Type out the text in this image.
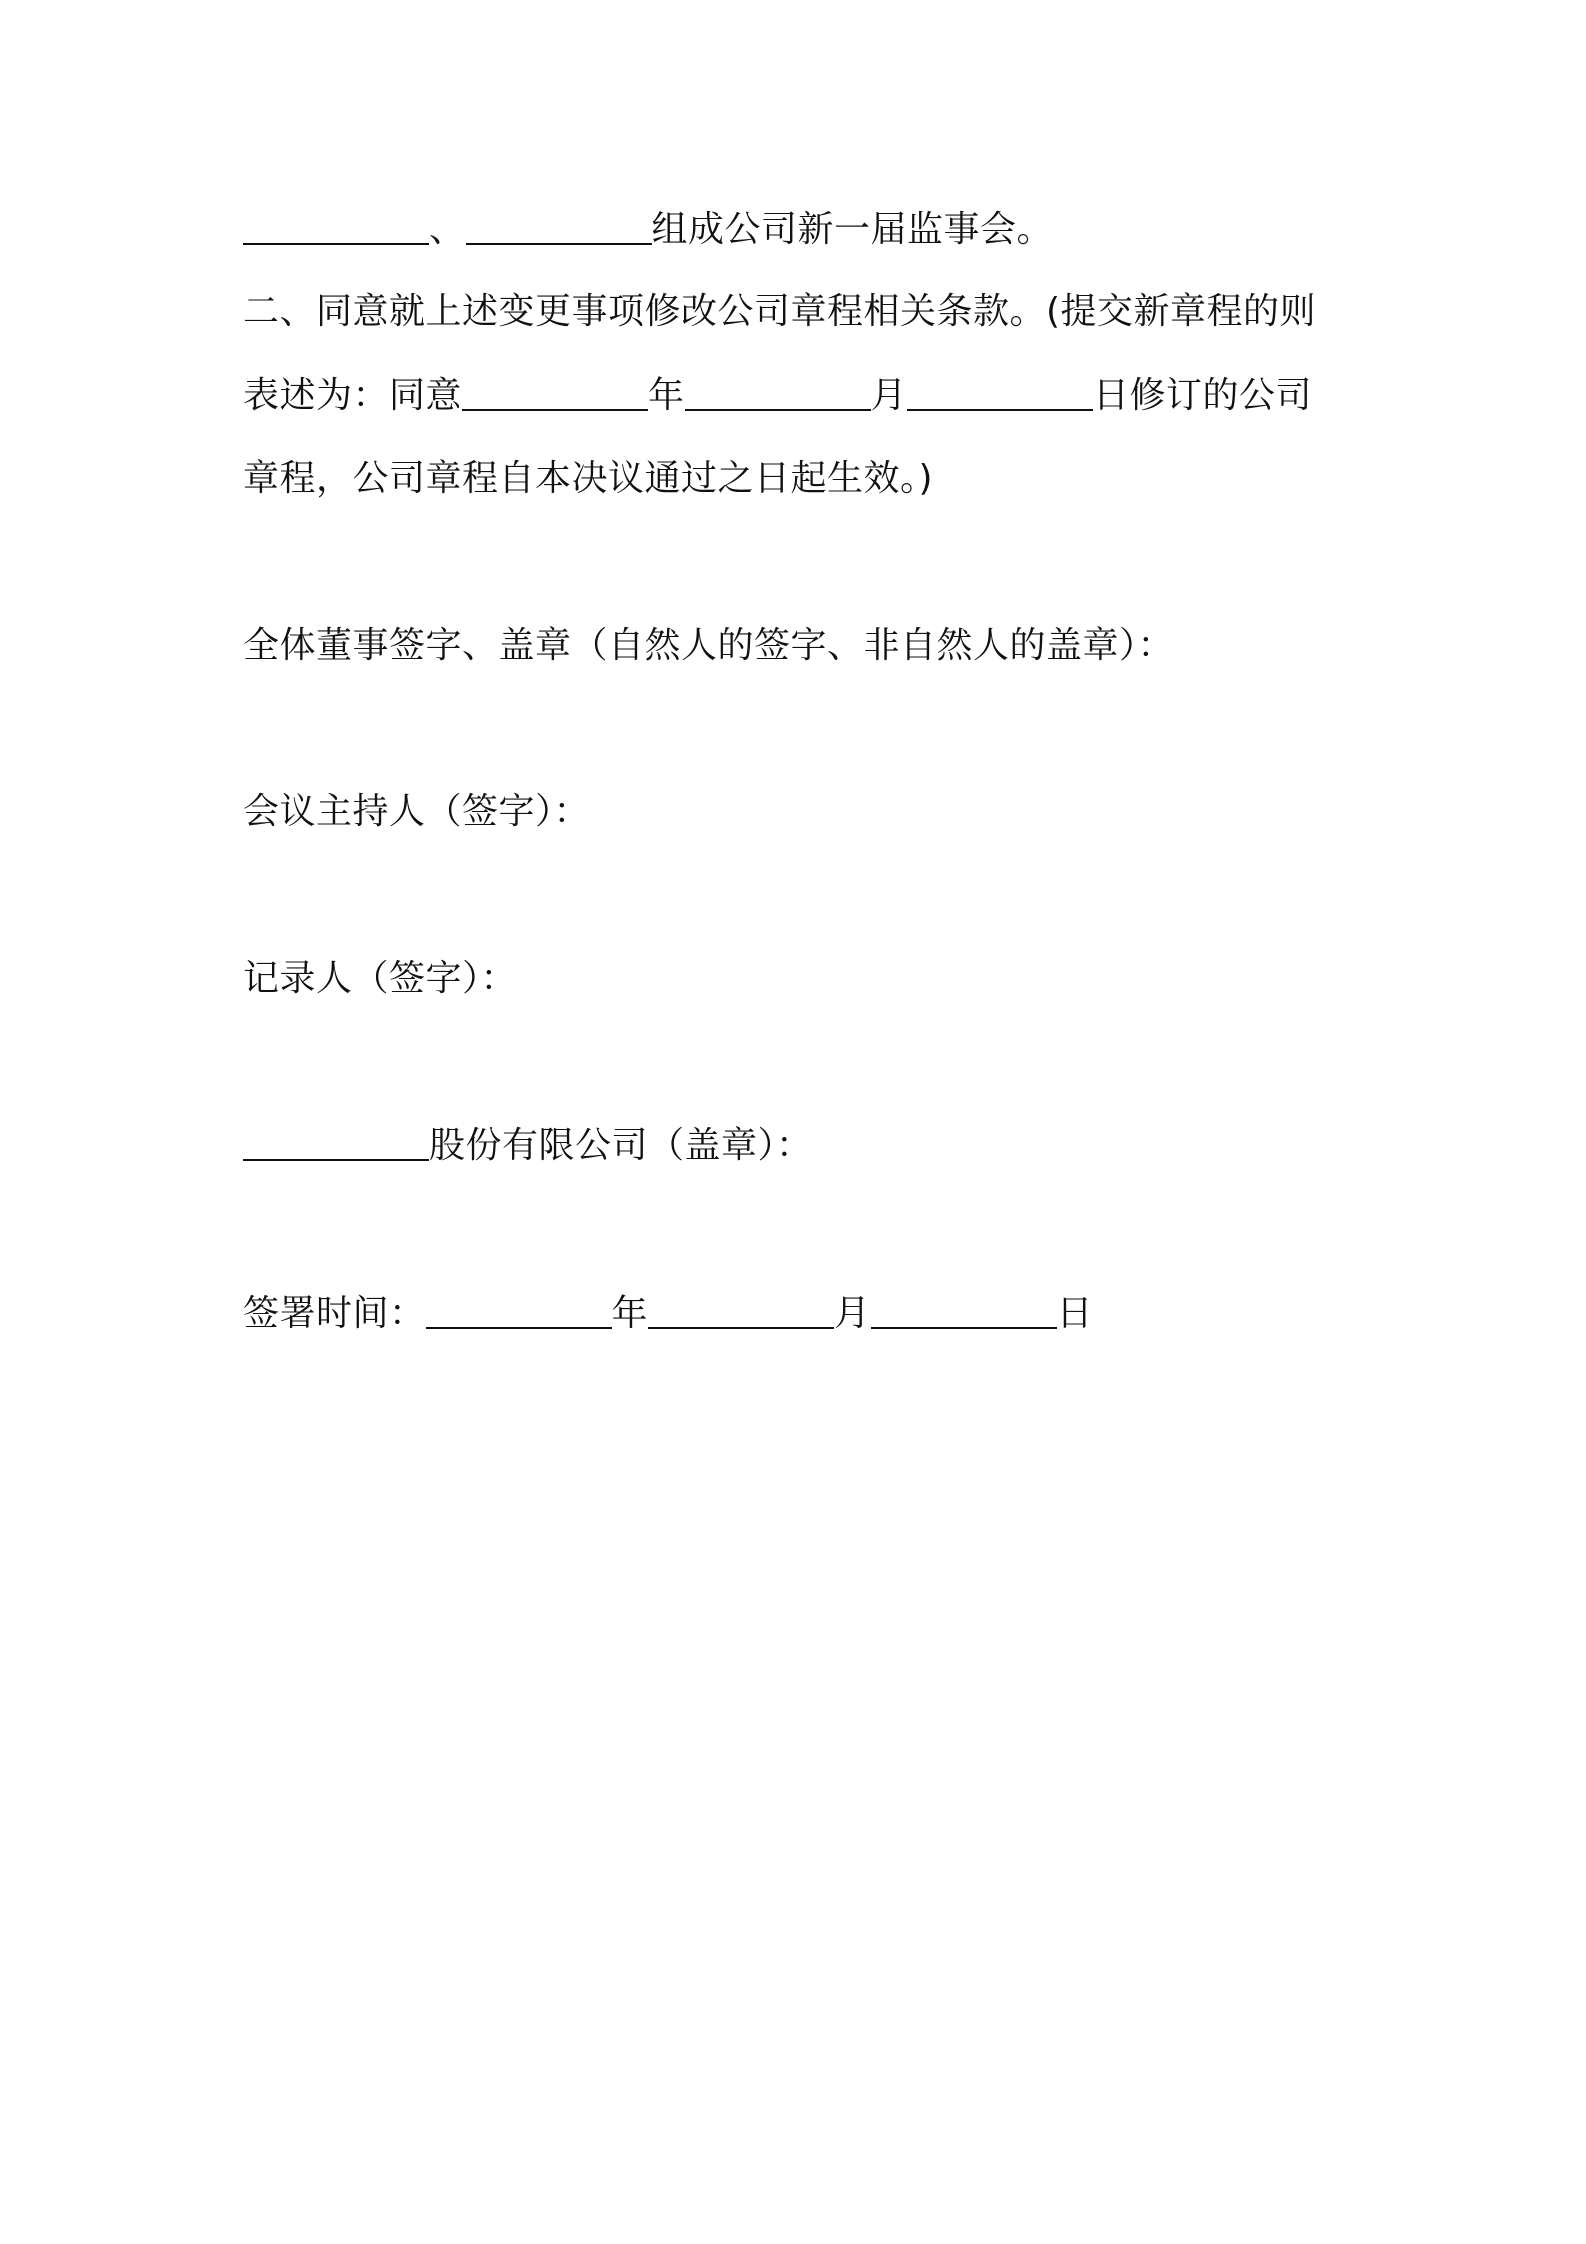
、	组成公司新一届监事会。
二、同意就上述变更事项修改公司章程相关条款。(提交新章程的则
表述为：同意	年	月	日修订的公司
章程，公司章程自本决议通过之日起生效。)
全体董事签字、盖章（自然人的签字、非自然人的盖章）：
会议主持人（签字）：
记录人（签字）：
股份有限公司（盖章）：
签署时间：	年	月	日
